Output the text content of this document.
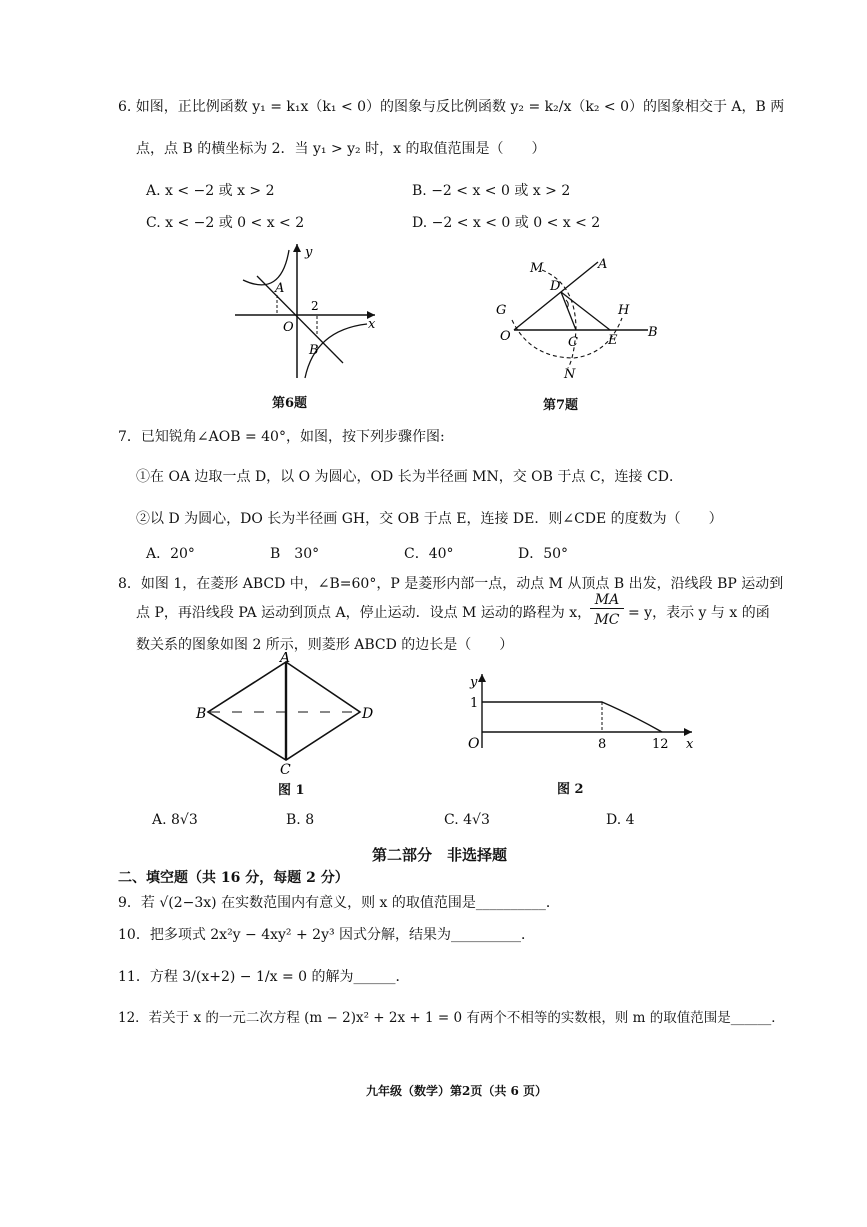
6. 如图，正比例函数 y₁ = k₁x（k₁ < 0）的图象与反比例函数 y₂ = k₂/x（k₂ < 0）的图象相交于 A，B 两
点，点 B 的横坐标为 2．当 y₁ > y₂ 时，x 的取值范围是（　　）
A. x < −2 或 x > 2	B. −2 < x < 0 或 x > 2
C. x < −2 或 0 < x < 2	D. −2 < x < 0 或 0 < x < 2
y
x
A
O
2
B
第6题
M	A
D
H
G
O	C E
B
N
第7题
7．已知锐角∠AOB = 40°，如图，按下列步骤作图:
①在 OA 边取一点 D，以 O 为圆心，OD 长为半径画 MN，交 OB 于点 C，连接 CD．
②以 D 为圆心，DO 长为半径画 GH，交 OB 于点 E，连接 DE．则∠CDE 的度数为（　　）
A．20°	B　30°	C．40°	D．50°
8．如图 1，在菱形 ABCD 中，∠B=60°，P 是菱形内部一点，动点 M 从顶点 B 出发，沿线段 BP 运动到
点 P，再沿线段 PA 运动到顶点 A，停止运动．设点 M 运动的路程为 x，
MA
MC = y，表示 y 与 x 的函
数关系的图象如图 2 所示，则菱形 ABCD 的边长是（　　）
A
B
C
D
图 1
y
1
O	8	12 x
图 2
A. 8√3	B. 8	C. 4√3	D. 4
第二部分　非选择题
二、填空题（共 16 分，每题 2 分）
9．若 √(2−3x) 在实数范围内有意义，则 x 的取值范围是__________．
10．把多项式 2x²y − 4xy² + 2y³ 因式分解，结果为__________．
11．方程 3/(x+2) − 1/x = 0 的解为______．
12．若关于 x 的一元二次方程 (m − 2)x² + 2x + 1 = 0 有两个不相等的实数根，则 m 的取值范围是______．
九年级（数学）第2页（共 6 页）
